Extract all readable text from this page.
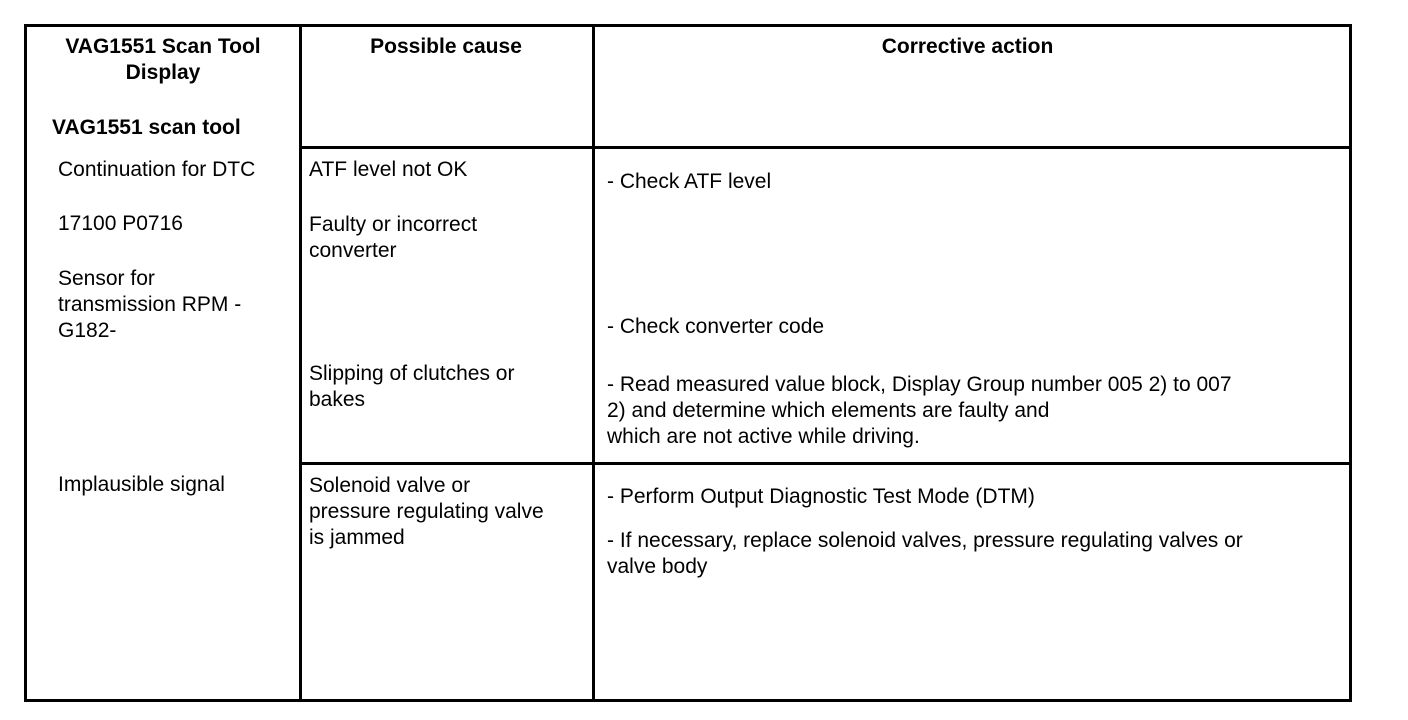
VAG1551 Scan Tool
Display
VAG1551 scan tool
Possible cause	Corrective action
Continuation for DTC
17100 P0716
Sensor for
transmission RPM -
G182-
Implausible signal
ATF level not OK
Faulty or incorrect
converter
Slipping of clutches or
bakes
Solenoid valve or
pressure regulating valve
is jammed
- Check ATF level
- Check converter code
- Read measured value block, Display Group number 005 2) to 007
2) and determine which elements are faulty and
which are not active while driving.
- Perform Output Diagnostic Test Mode (DTM)
- If necessary, replace solenoid valves, pressure regulating valves or
valve body
